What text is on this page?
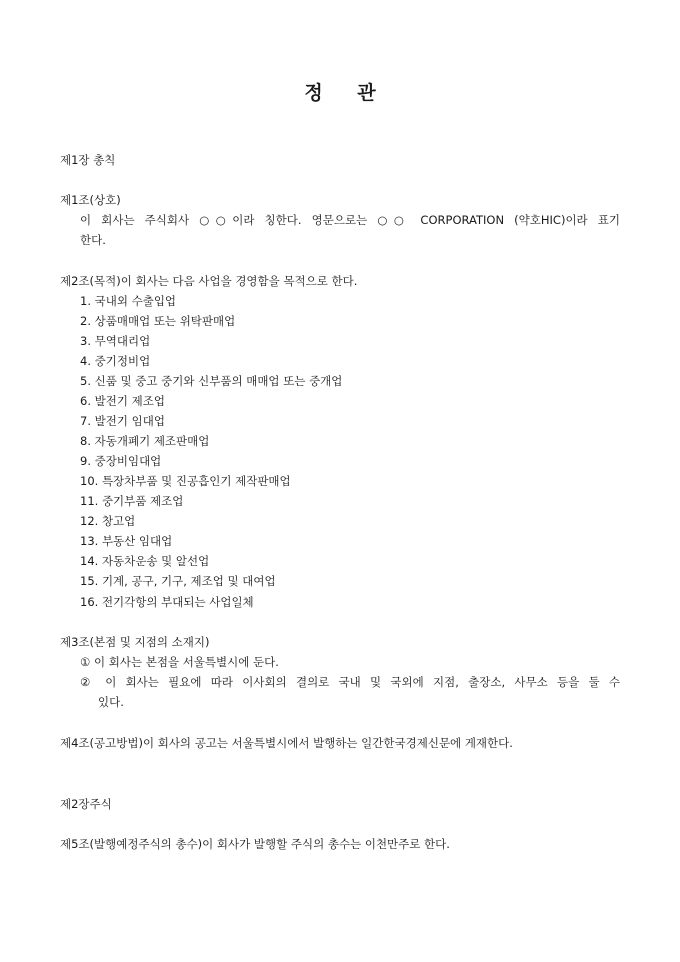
정 관
제1장 총칙
제1조(상호)
이 회사는 주식회사 ○○이라 칭한다. 영문으로는 ○○ CORPORATION (약호HIC)이라 표기
한다.
제2조(목적)이 회사는 다음 사업을 경영함을 목적으로 한다.
1. 국내외 수출입업
2. 상품매매업 또는 위탁판매업
3. 무역대리업
4. 중기정비업
5. 신품 및 중고 중기와 신부품의 매매업 또는 중개업
6. 발전기 제조업
7. 발전기 임대업
8. 자동개폐기 제조판매업
9. 중장비임대업
10. 특장차부품 및 진공흡인기 제작판매업
11. 중기부품 제조업
12. 창고업
13. 부동산 임대업
14. 자동차운송 및 알선업
15. 기계, 공구, 기구, 제조업 및 대여업
16. 전기각항의 부대되는 사업일체
제3조(본점 및 지점의 소재지)
① 이 회사는 본점을 서울특별시에 둔다.
② 이 회사는 필요에 따라 이사회의 결의로 국내 및 국외에 지점, 출장소, 사무소 등을 둘 수
있다.
제4조(공고방법)이 회사의 공고는 서울특별시에서 발행하는 일간한국경제신문에 게재한다.
제2장주식
제5조(발행예정주식의 총수)이 회사가 발행할 주식의 총수는 이천만주로 한다.
